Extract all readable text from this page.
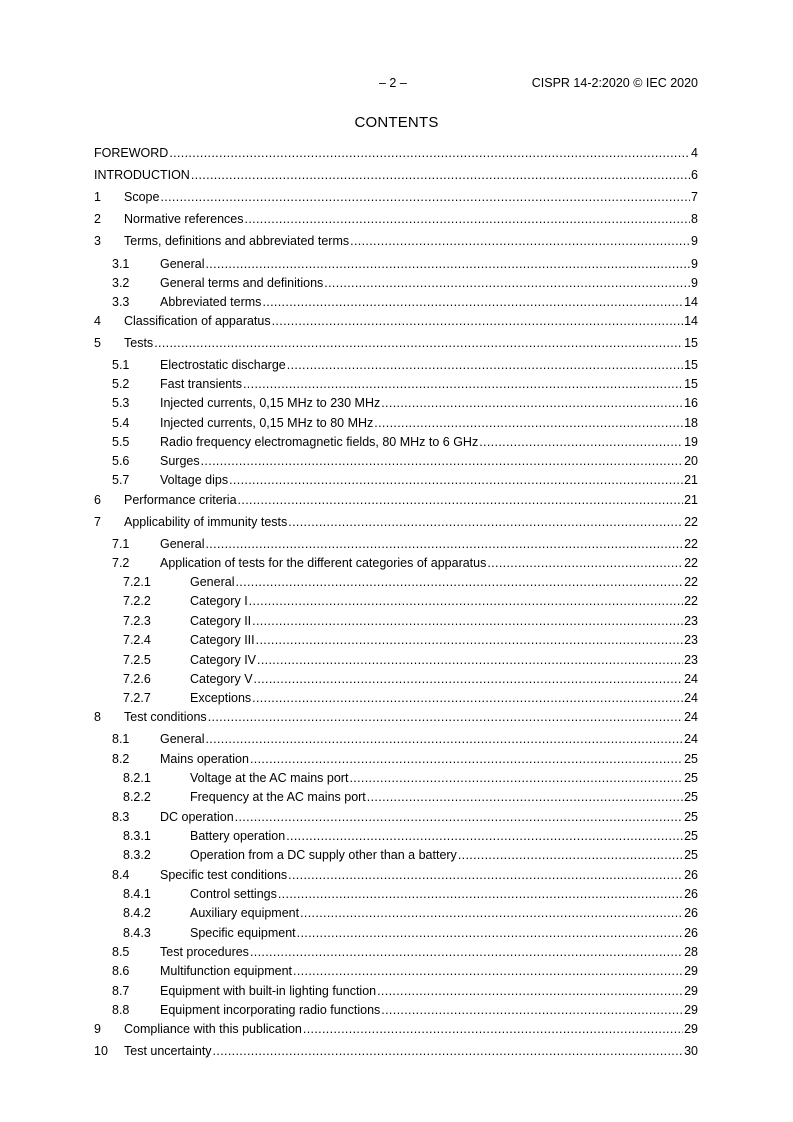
– 2 –	CISPR 14-2:2020 © IEC 2020
CONTENTS
FOREWORD .....	4
INTRODUCTION .....	6
1 Scope .....	7
2 Normative references .....	8
3 Terms, definitions and abbreviated terms .....	9
3.1 General .....	9
3.2 General terms and definitions .....	9
3.3 Abbreviated terms .....	14
4 Classification of apparatus .....	14
5 Tests .....	15
5.1 Electrostatic discharge .....	15
5.2 Fast transients .....	15
5.3 Injected currents, 0,15 MHz to 230 MHz .....	16
5.4 Injected currents, 0,15 MHz to 80 MHz .....	18
5.5 Radio frequency electromagnetic fields, 80 MHz to 6 GHz .....	19
5.6 Surges .....	20
5.7 Voltage dips .....	21
6 Performance criteria .....	21
7 Applicability of immunity tests .....	22
7.1 General .....	22
7.2 Application of tests for the different categories of apparatus .....	22
7.2.1	General .....	22
7.2.2	Category I .....	22
7.2.3	Category II .....	23
7.2.4	Category III .....	23
7.2.5	Category IV .....	23
7.2.6	Category V .....	24
7.2.7	Exceptions .....	24
8 Test conditions .....	24
8.1 General .....	24
8.2 Mains operation .....	25
8.2.1	Voltage at the AC mains port .....	25
8.2.2	Frequency at the AC mains port .....	25
8.3 DC operation .....	25
8.3.1	Battery operation .....	25
8.3.2	Operation from a DC supply other than a battery .....	25
8.4 Specific test conditions .....	26
8.4.1	Control settings .....	26
8.4.2	Auxiliary equipment .....	26
8.4.3	Specific equipment .....	26
8.5 Test procedures .....	28
8.6 Multifunction equipment .....	29
8.7 Equipment with built-in lighting function .....	29
8.8 Equipment incorporating radio functions .....	29
9 Compliance with this publication .....	29
10 Test uncertainty .....	30
